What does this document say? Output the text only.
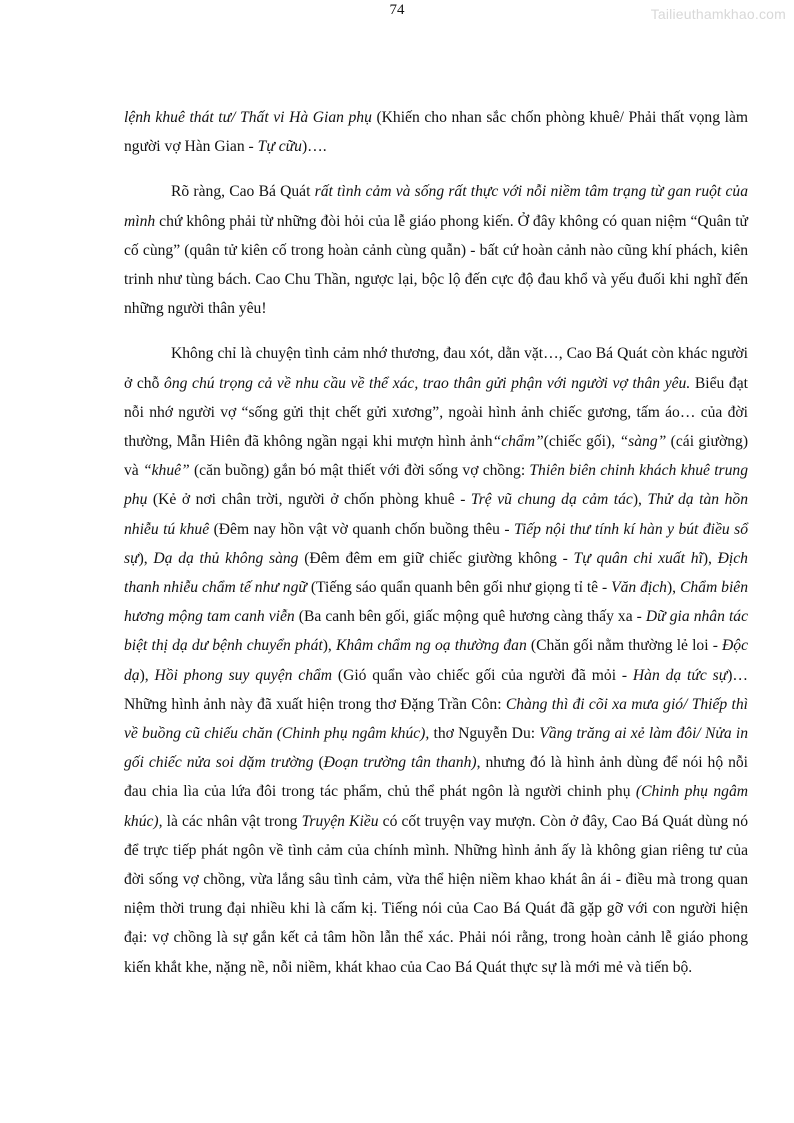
74	Tailieuthamkhao.com

lệnh khuê thát tư/ Thất vi Hà Gian phụ (Khiến cho nhan sắc chốn phòng khuê/ Phải thất vọng làm người vợ Hàn Gian - Tự cữu)….

Rõ ràng, Cao Bá Quát rất tình cảm và sống rất thực với nỗi niềm tâm trạng từ gan ruột của mình chứ không phải từ những đòi hỏi của lễ giáo phong kiến. Ở đây không có quan niệm “Quân tử cố cùng” (quân tử kiên cố trong hoàn cảnh cùng quẫn) - bất cứ hoàn cảnh nào cũng khí phách, kiên trinh như tùng bách. Cao Chu Thần, ngược lại, bộc lộ đến cực độ đau khổ và yếu đuối khi nghĩ đến những người thân yêu!

Không chỉ là chuyện tình cảm nhớ thương, đau xót, dằn vặt…, Cao Bá Quát còn khác người ở chỗ ông chú trọng cả về nhu cầu về thể xác, trao thân gửi phận với người vợ thân yêu. Biểu đạt nỗi nhớ người vợ “sống gửi thịt chết gửi xương”, ngoài hình ảnh chiếc gương, tấm áo… của đời thường, Mẫn Hiên đã không ngần ngại khi mượn hình ảnh“chẩm”(chiếc gối), “sàng” (cái giường) và “khuê” (căn buồng) gắn bó mật thiết với đời sống vợ chồng: Thiên biên chinh khách khuê trung phụ (Kẻ ở nơi chân trời, người ở chốn phòng khuê - Trệ vũ chung dạ cảm tác), Thử dạ tàn hồn nhiễu tú khuê (Đêm nay hồn vật vờ quanh chốn buồng thêu - Tiếp nội thư tính kí hàn y bút điều sổ sự), Dạ dạ thủ không sàng (Đêm đêm em giữ chiếc giường không - Tự quân chi xuất hĩ), Địch thanh nhiễu chẩm tế như ngữ (Tiếng sáo quẩn quanh bên gối như giọng tỉ tê - Văn địch), Chẩm biên hương mộng tam canh viễn (Ba canh bên gối, giấc mộng quê hương càng thấy xa - Dữ gia nhân tác biệt thị dạ dư bệnh chuyển phát), Khâm chẩm ng oạ thường đan (Chăn gối nằm thường lẻ loi - Độc dạ), Hồi phong suy quyện chẩm (Gió quẩn vào chiếc gối của người đã mỏi - Hàn dạ tức sự)… Những hình ảnh này đã xuất hiện trong thơ Đặng Trần Côn: Chàng thì đi cõi xa mưa gió/ Thiếp thì về buồng cũ chiếu chăn (Chinh phụ ngâm khúc), thơ Nguyễn Du: Vầng trăng ai xẻ làm đôi/ Nửa in gối chiếc nửa soi dặm trường (Đoạn trường tân thanh), nhưng đó là hình ảnh dùng để nói hộ nỗi đau chia lìa của lứa đôi trong tác phẩm, chủ thể phát ngôn là người chinh phụ (Chinh phụ ngâm khúc), là các nhân vật trong Truyện Kiều có cốt truyện vay mượn. Còn ở đây, Cao Bá Quát dùng nó để trực tiếp phát ngôn về tình cảm của chính mình. Những hình ảnh ấy là không gian riêng tư của đời sống vợ chồng, vừa lắng sâu tình cảm, vừa thể hiện niềm khao khát ân ái - điều mà trong quan niệm thời trung đại nhiều khi là cấm kị. Tiếng nói của Cao Bá Quát đã gặp gỡ với con người hiện đại: vợ chồng là sự gắn kết cả tâm hồn lẫn thể xác. Phải nói rằng, trong hoàn cảnh lễ giáo phong kiến khắt khe, nặng nề, nỗi niềm, khát khao của Cao Bá Quát thực sự là mới mẻ và tiến bộ.
